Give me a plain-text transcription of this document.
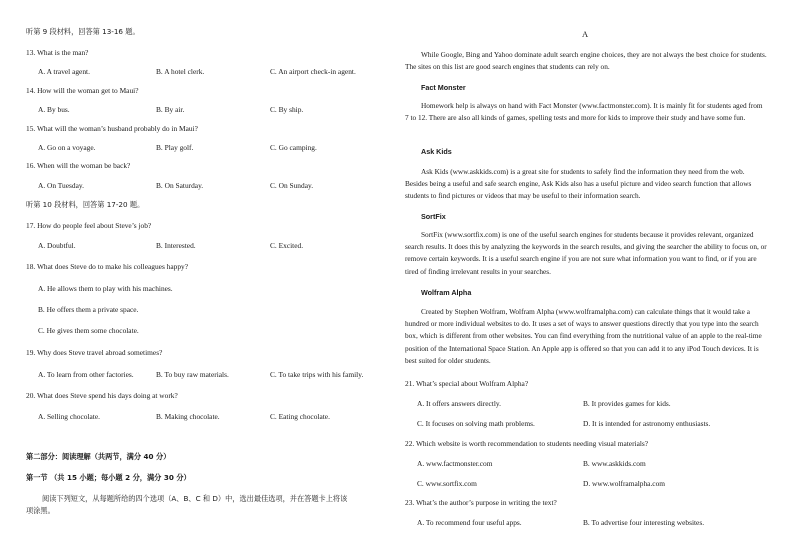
听第 9 段材料，回答第 13-16 题。
13. What is the man?
A. A travel agent.	B. A hotel clerk.	C. An airport check-in agent.
14. How will the woman get to Maui?
A. By bus.	B. By air.	C. By ship.
15. What will the woman’s husband probably do in Maui?
A. Go on a voyage.	B. Play golf.	C. Go camping.
16. When will the woman be back?
A. On Tuesday.	B. On Saturday.	C. On Sunday.
听第 10 段材料，回答第 17-20 题。
17. How do people feel about Steve’s job?
A. Doubtful.	B. Interested.	C. Excited.
18. What does Steve do to make his colleagues happy?
A. He allows them to play with his machines.
B. He offers them a private space.
C. He gives them some chocolate.
19. Why does Steve travel abroad sometimes?
A. To learn from other factories.	B. To buy raw materials.	C. To take trips with his family.
20. What does Steve spend his days doing at work?
A. Selling chocolate.	B. Making chocolate.	C. Eating chocolate.
第二部分：阅读理解（共两节，满分 40 分）
第一节 （共 15 小题；每小题 2 分，满分 30 分）
阅读下列短文，从每题所给的四个选项（A、B、C 和 D）中，选出最佳选项，并在答题卡上将该
项涂黑。
A
While Google, Bing and Yahoo dominate adult search engine choices, they are not always the best choice for students. The sites on this list are good search engines that students can rely on.
Fact Monster
Homework help is always on hand with Fact Monster (www.factmonster.com). It is mainly fit for students aged from 7 to 12. There are also all kinds of games, spelling tests and more for kids to improve their study and have some fun.
Ask Kids
Ask Kids (www.askkids.com) is a great site for students to safely find the information they need from the web. Besides being a useful and safe search engine, Ask Kids also has a useful picture and video search function that allows students to find pictures or videos that may be useful to their information search.
SortFix
SortFix (www.sortfix.com) is one of the useful search engines for students because it provides relevant, organized search results. It does this by analyzing the keywords in the search results, and giving the searcher the ability to focus on, or remove certain keywords. It is a useful search engine if you are not sure what information you want to find, or if you are tired of finding irrelevant results in your searches.
Wolfram Alpha
Created by Stephen Wolfram, Wolfram Alpha (www.wolframalpha.com) can calculate things that it would take a hundred or more individual websites to do. It uses a set of ways to answer questions directly that you type into the search box, which is different from other websites. You can find everything from the nutritional value of an apple to the real-time position of the International Space Station. An Apple app is offered so that you can add it to any iPod Touch devices. It is best suited for older students.
21. What’s special about Wolfram Alpha?
A. It offers answers directly.	B. It provides games for kids.
C. It focuses on solving math problems.	D. It is intended for astronomy enthusiasts.
22. Which website is worth recommendation to students needing visual materials?
A. www.factmonster.com	B. www.askkids.com
C. www.sortfix.com	D. www.wolframalpha.com
23. What’s the author’s purpose in writing the text?
A. To recommend four useful apps.	B. To advertise four interesting websites.
